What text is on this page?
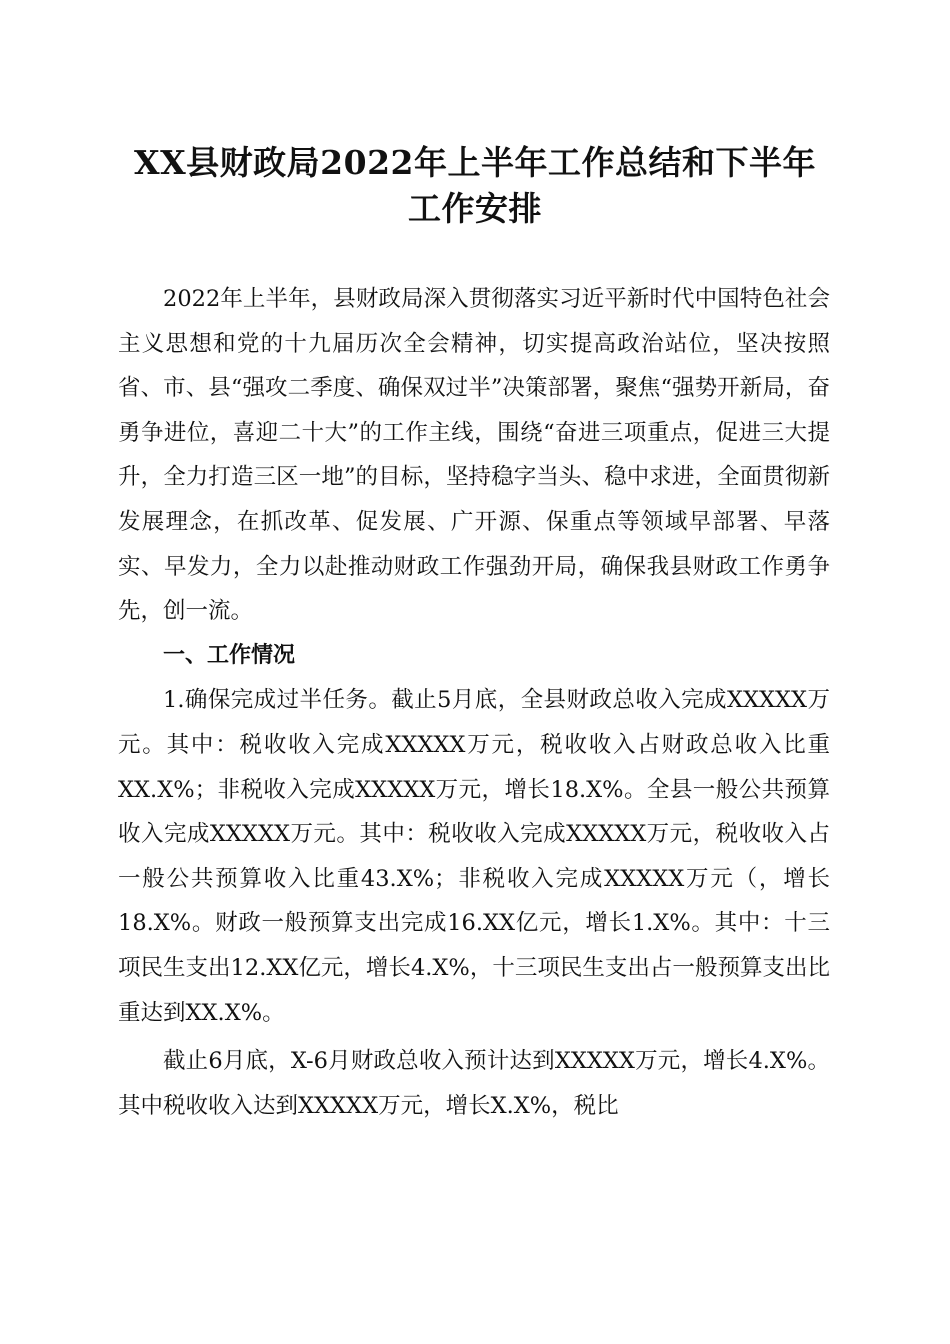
XX县财政局2022年上半年工作总结和下半年
工作安排

2022年上半年，县财政局深入贯彻落实习近平新时代中国特色社会主义思想和党的十九届历次全会精神，切实提高政治站位，坚决按照省、市、县“强攻二季度、确保双过半”决策部署，聚焦“强势开新局，奋勇争进位，喜迎二十大”的工作主线，围绕“奋进三项重点，促进三大提升，全力打造三区一地”的目标，坚持稳字当头、稳中求进，全面贯彻新发展理念，在抓改革、促发展、广开源、保重点等领域早部署、早落实、早发力，全力以赴推动财政工作强劲开局，确保我县财政工作勇争先，创一流。

一、工作情况

1.确保完成过半任务。截止5月底，全县财政总收入完成XXXXX万元。其中：税收收入完成XXXXX万元，税收收入占财政总收入比重XX.X%；非税收入完成XXXXX万元，增长18.X%。全县一般公共预算收入完成XXXXX万元。其中：税收收入完成XXXXX万元，税收收入占一般公共预算收入比重43.X%；非税收入完成XXXXX万元（，增长18.X%。财政一般预算支出完成16.XX亿元，增长1.X%。其中：十三项民生支出12.XX亿元，增长4.X%，十三项民生支出占一般预算支出比重达到XX.X%。

截止6月底，X-6月财政总收入预计达到XXXXX万元，增长4.X%。其中税收收入达到XXXXX万元，增长X.X%，税比
